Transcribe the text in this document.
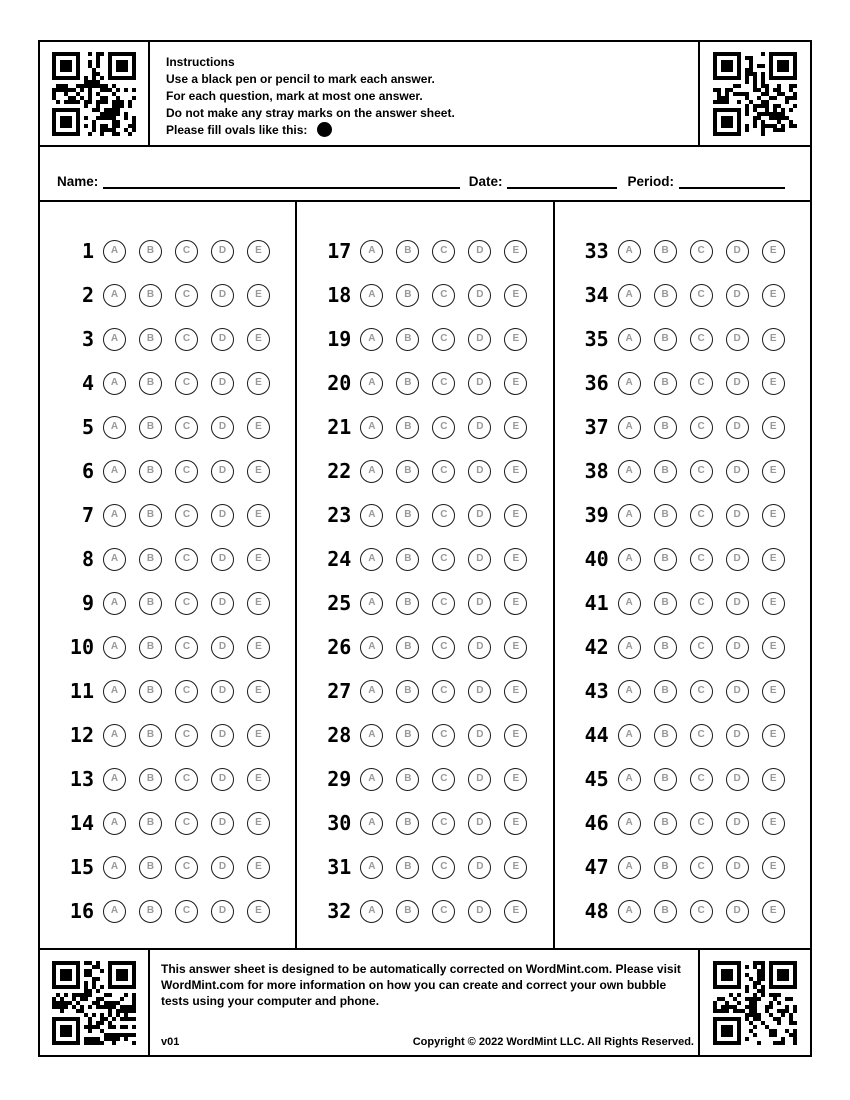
Instructions
Use a black pen or pencil to mark each answer.
For each question, mark at most one answer.
Do not make any stray marks on the answer sheet.
Please fill ovals like this:
Name:	Date:	Period:
1 A	B	C	D	E
2 A	B	C	D	E
3 A	B	C	D	E
4 A	B	C	D	E
5 A	B	C	D	E
6 A	B	C	D	E
7 A	B	C	D	E
8 A	B	C	D	E
9 A	B	C	D	E
10 A	B	C	D	E
11 A	B	C	D	E
12 A	B	C	D	E
13 A	B	C	D	E
14 A	B	C	D	E
15 A	B	C	D	E
16 A	B	C	D	E
17 A	B	C	D	E
18 A	B	C	D	E
19 A	B	C	D	E
20 A	B	C	D	E
21 A	B	C	D	E
22 A	B	C	D	E
23 A	B	C	D	E
24 A	B	C	D	E
25 A	B	C	D	E
26 A	B	C	D	E
27 A	B	C	D	E
28 A	B	C	D	E
29 A	B	C	D	E
30 A	B	C	D	E
31 A	B	C	D	E
32 A	B	C	D	E
33 A	B	C	D	E
34 A	B	C	D	E
35 A	B	C	D	E
36 A	B	C	D	E
37 A	B	C	D	E
38 A	B	C	D	E
39 A	B	C	D	E
40 A	B	C	D	E
41 A	B	C	D	E
42 A	B	C	D	E
43 A	B	C	D	E
44 A	B	C	D	E
45 A	B	C	D	E
46 A	B	C	D	E
47 A	B	C	D	E
48 A	B	C	D	E
This answer sheet is designed to be automatically corrected on WordMint.com. Please visit WordMint.com for more information on how you can create and correct your own bubble tests using your computer and phone.
v01	Copyright © 2022 WordMint LLC. All Rights Reserved.
